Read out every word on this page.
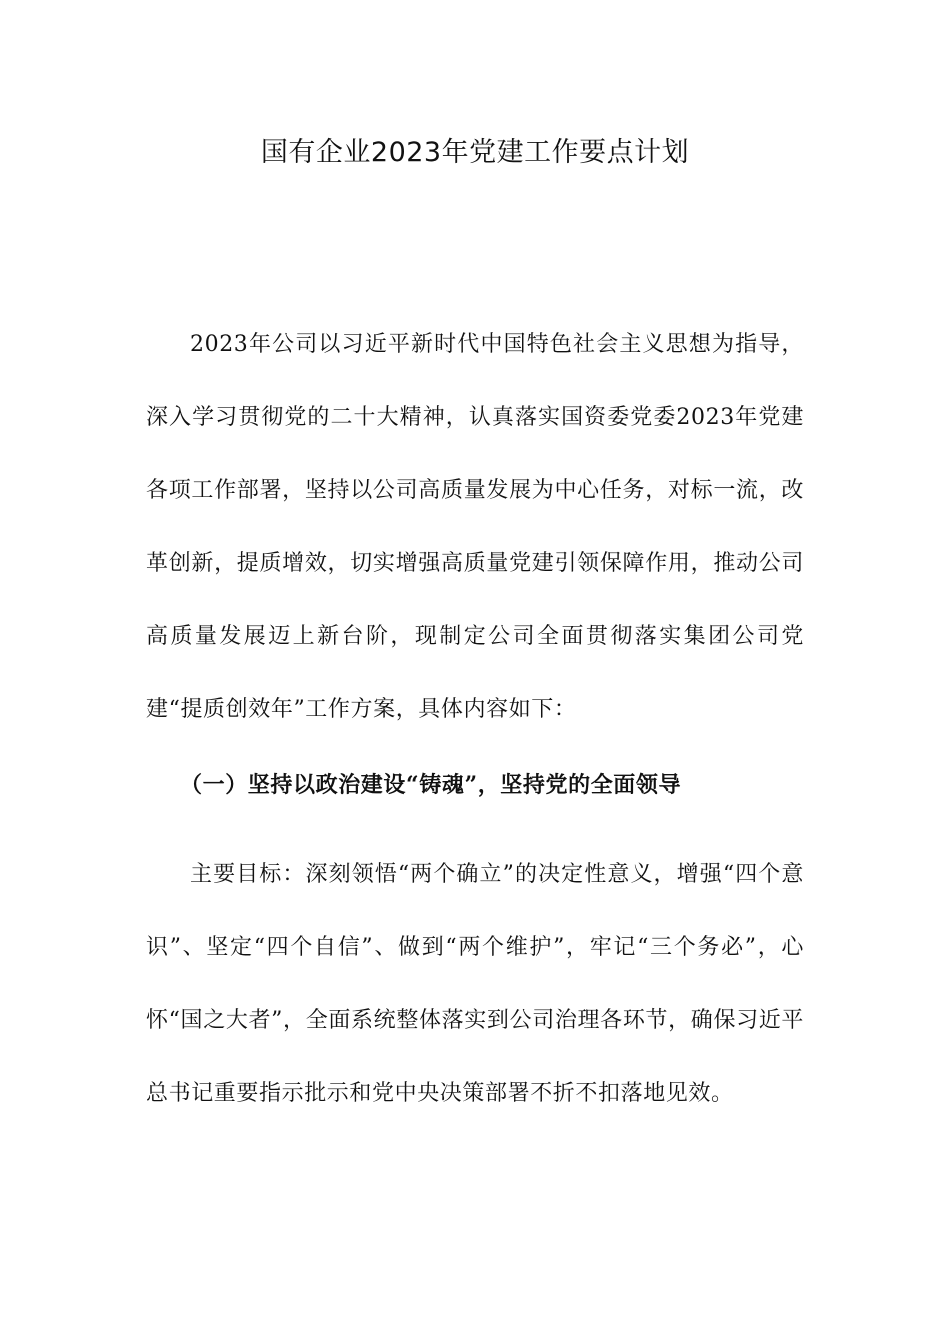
国有企业2023年党建工作要点计划

2023年公司以习近平新时代中国特色社会主义思想为指导，深入学习贯彻党的二十大精神，认真落实国资委党委2023年党建各项工作部署，坚持以公司高质量发展为中心任务，对标一流，改革创新，提质增效，切实增强高质量党建引领保障作用，推动公司高质量发展迈上新台阶，现制定公司全面贯彻落实集团公司党建“提质创效年”工作方案，具体内容如下：

（一）坚持以政治建设“铸魂”，坚持党的全面领导

主要目标：深刻领悟“两个确立”的决定性意义，增强“四个意识”、坚定“四个自信”、做到“两个维护”，牢记“三个务必”，心怀“国之大者”，全面系统整体落实到公司治理各环节，确保习近平总书记重要指示批示和党中央决策部署不折不扣落地见效。
